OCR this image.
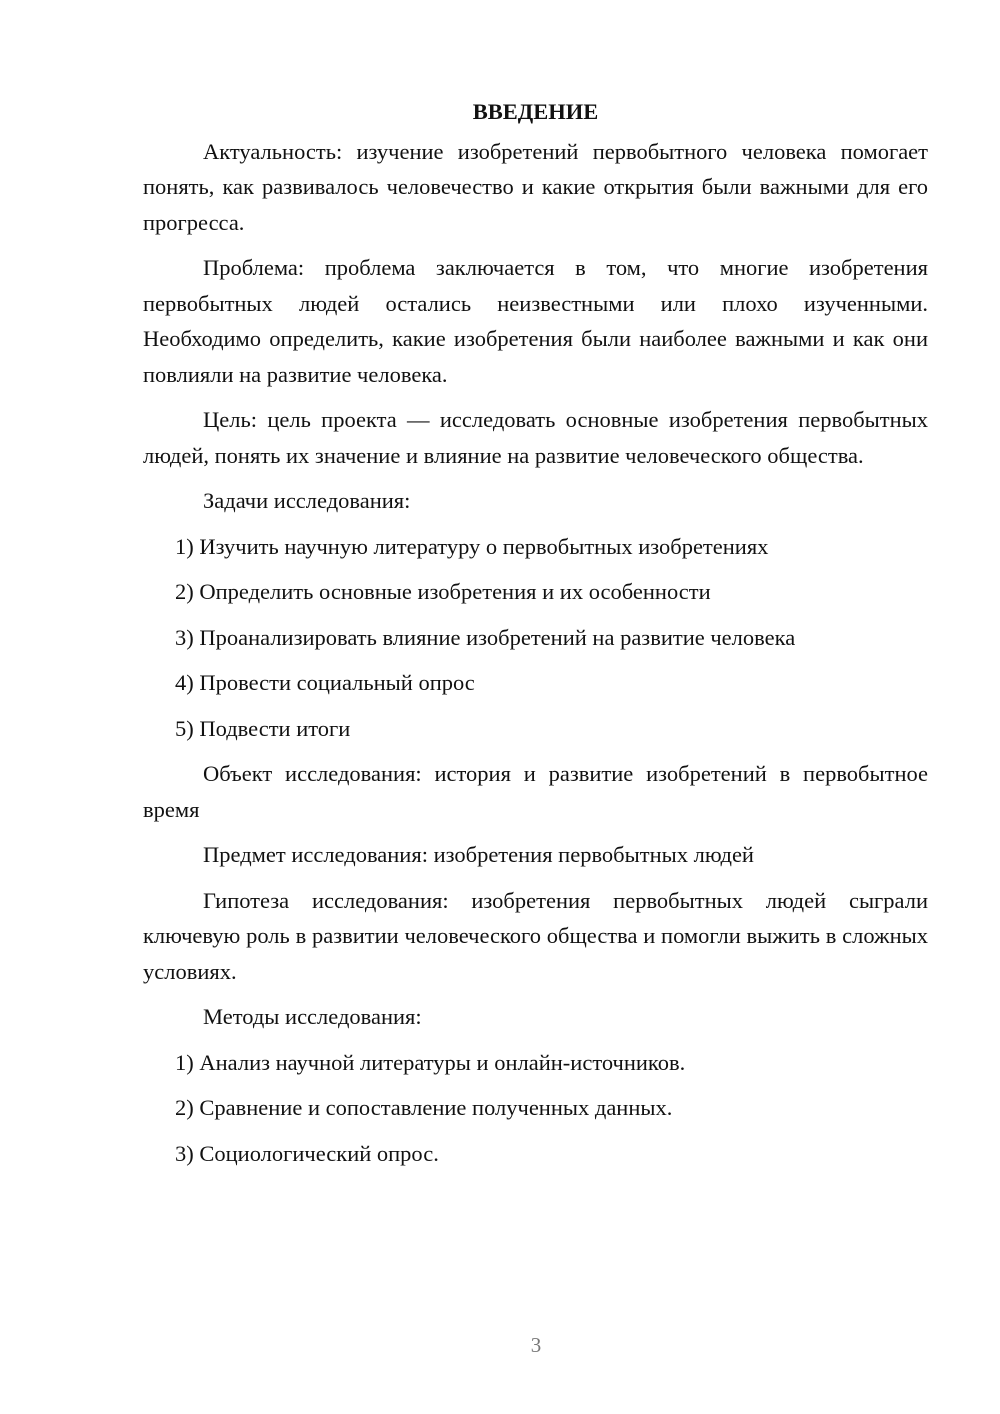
ВВЕДЕНИЕ

Актуальность: изучение изобретений первобытного человека помогает понять, как развивалось человечество и какие открытия были важными для его прогресса.

Проблема: проблема заключается в том, что многие изобретения первобытных людей остались неизвестными или плохо изученными. Необходимо определить, какие изобретения были наиболее важными и как они повлияли на развитие человека.

Цель: цель проекта — исследовать основные изобретения первобытных людей, понять их значение и влияние на развитие человеческого общества.

Задачи исследования:

1) Изучить научную литературу о первобытных изобретениях
2) Определить основные изобретения и их особенности
3) Проанализировать влияние изобретений на развитие человека
4) Провести социальный опрос
5) Подвести итоги

Объект исследования: история и развитие изобретений в первобытное время

Предмет исследования: изобретения первобытных людей

Гипотеза исследования: изобретения первобытных людей сыграли ключевую роль в развитии человеческого общества и помогли выжить в сложных условиях.

Методы исследования:

1) Анализ научной литературы и онлайн-источников.
2) Сравнение и сопоставление полученных данных.
3) Социологический опрос.
3
